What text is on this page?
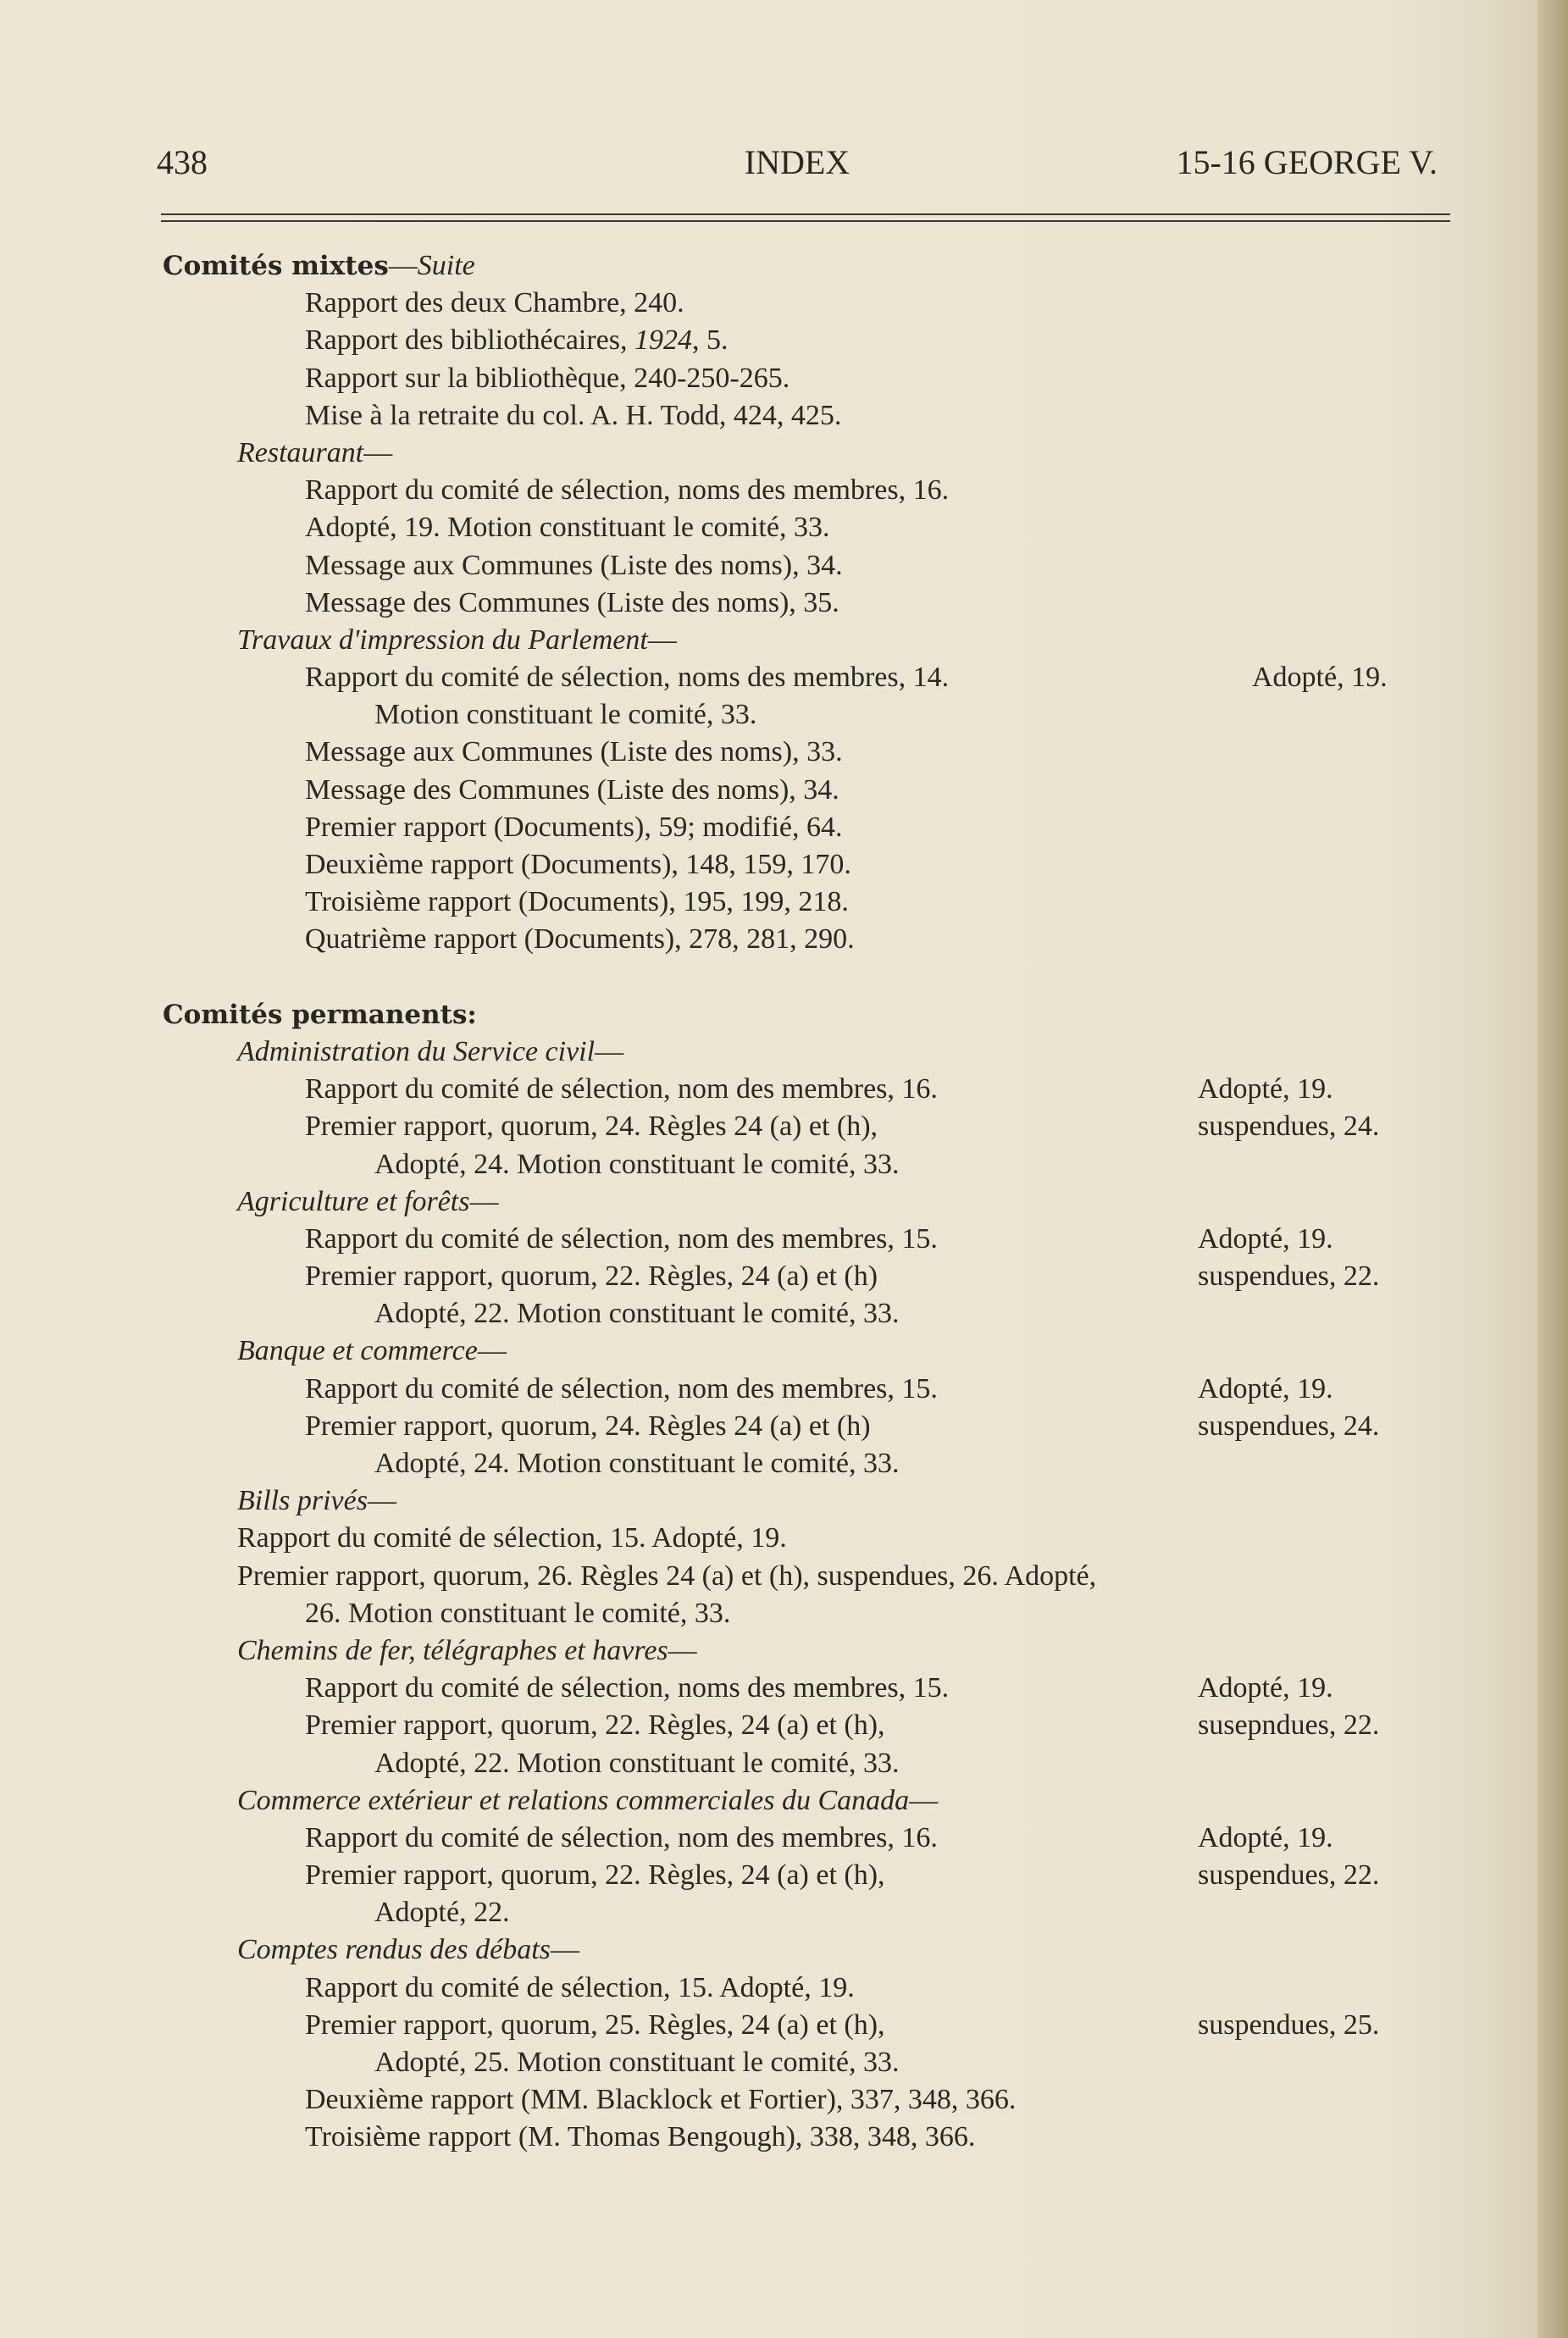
438	INDEX	15-16 GEORGE V.
Comités mixtes—Suite
Rapport des deux Chambre, 240.
Rapport des bibliothécaires, 1924, 5.
Rapport sur la bibliothèque, 240-250-265.
Mise à la retraite du col. A. H. Todd, 424, 425.
Restaurant—
Rapport du comité de sélection, noms des membres, 16.
Adopté, 19. Motion constituant le comité, 33.
Message aux Communes (Liste des noms), 34.
Message des Communes (Liste des noms), 35.
Travaux d'impression du Parlement—
Rapport du comité de sélection, noms des membres, 14.	Adopté, 19.
Motion constituant le comité, 33.
Message aux Communes (Liste des noms), 33.
Message des Communes (Liste des noms), 34.
Premier rapport (Documents), 59; modifié, 64.
Deuxième rapport (Documents), 148, 159, 170.
Troisième rapport (Documents), 195, 199, 218.
Quatrième rapport (Documents), 278, 281, 290.
Comités permanents:
Administration du Service civil—
Rapport du comité de sélection, nom des membres, 16.	Adopté, 19.
Premier rapport, quorum, 24. Règles 24 (a) et (h),	suspendues, 24.
Adopté, 24. Motion constituant le comité, 33.
Agriculture et forêts—
Rapport du comité de sélection, nom des membres, 15.	Adopté, 19.
Premier rapport, quorum, 22. Règles, 24 (a) et (h)	suspendues, 22.
Adopté, 22. Motion constituant le comité, 33.
Banque et commerce—
Rapport du comité de sélection, nom des membres, 15.	Adopté, 19.
Premier rapport, quorum, 24. Règles 24 (a) et (h)	suspendues, 24.
Adopté, 24. Motion constituant le comité, 33.
Bills privés—
Rapport du comité de sélection, 15. Adopté, 19.
Premier rapport, quorum, 26. Règles 24 (a) et (h), suspendues, 26. Adopté,
26. Motion constituant le comité, 33.
Chemins de fer, télégraphes et havres—
Rapport du comité de sélection, noms des membres, 15.	Adopté, 19.
Premier rapport, quorum, 22. Règles, 24 (a) et (h),	susepndues, 22.
Adopté, 22. Motion constituant le comité, 33.
Commerce extérieur et relations commerciales du Canada—
Rapport du comité de sélection, nom des membres, 16.	Adopté, 19.
Premier rapport, quorum, 22. Règles, 24 (a) et (h),	suspendues, 22.
Adopté, 22.
Comptes rendus des débats—
Rapport du comité de sélection, 15. Adopté, 19.
Premier rapport, quorum, 25. Règles, 24 (a) et (h),	suspendues, 25.
Adopté, 25. Motion constituant le comité, 33.
Deuxième rapport (MM. Blacklock et Fortier), 337, 348, 366.
Troisième rapport (M. Thomas Bengough), 338, 348, 366.
